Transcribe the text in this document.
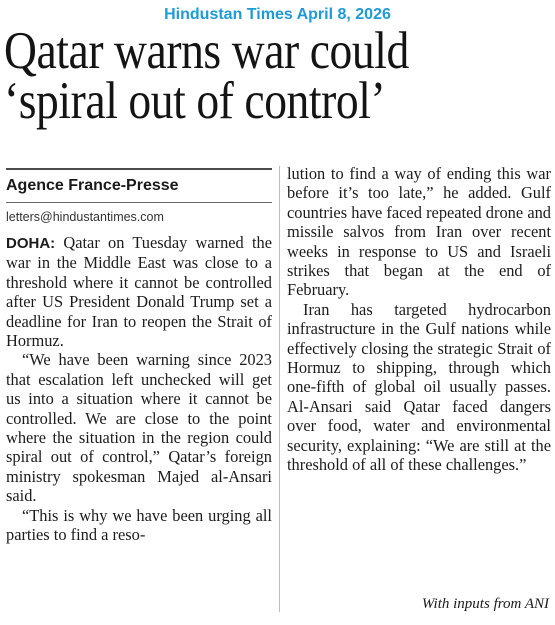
Hindustan Times April 8, 2026
Qatar warns war could
‘spiral out of control’

Agence France-Presse

letters@hindustantimes.com

DOHA: Qatar on Tuesday warned the war in the Middle East was close to a threshold where it cannot be controlled after US President Donald Trump set a deadline for Iran to reopen the Strait of Hormuz.

“We have been warning since 2023 that escalation left unchecked will get us into a situation where it cannot be controlled. We are close to the point where the situation in the region could spiral out of control,” Qatar’s foreign ministry spokesman Majed al-Ansari said.

“This is why we have been urging all parties to find a reso-

lution to find a way of ending this war before it’s too late,” he added. Gulf countries have faced repeated drone and missile salvos from Iran over recent weeks in response to US and Israeli strikes that began at the end of February.

Iran has targeted hydrocarbon infrastructure in the Gulf nations while effectively closing the strategic Strait of Hormuz to shipping, through which one-fifth of global oil usually passes. Al-Ansari said Qatar faced dangers over food, water and environmental security, explaining: “We are still at the threshold of all of these challenges.”

With inputs from ANI
